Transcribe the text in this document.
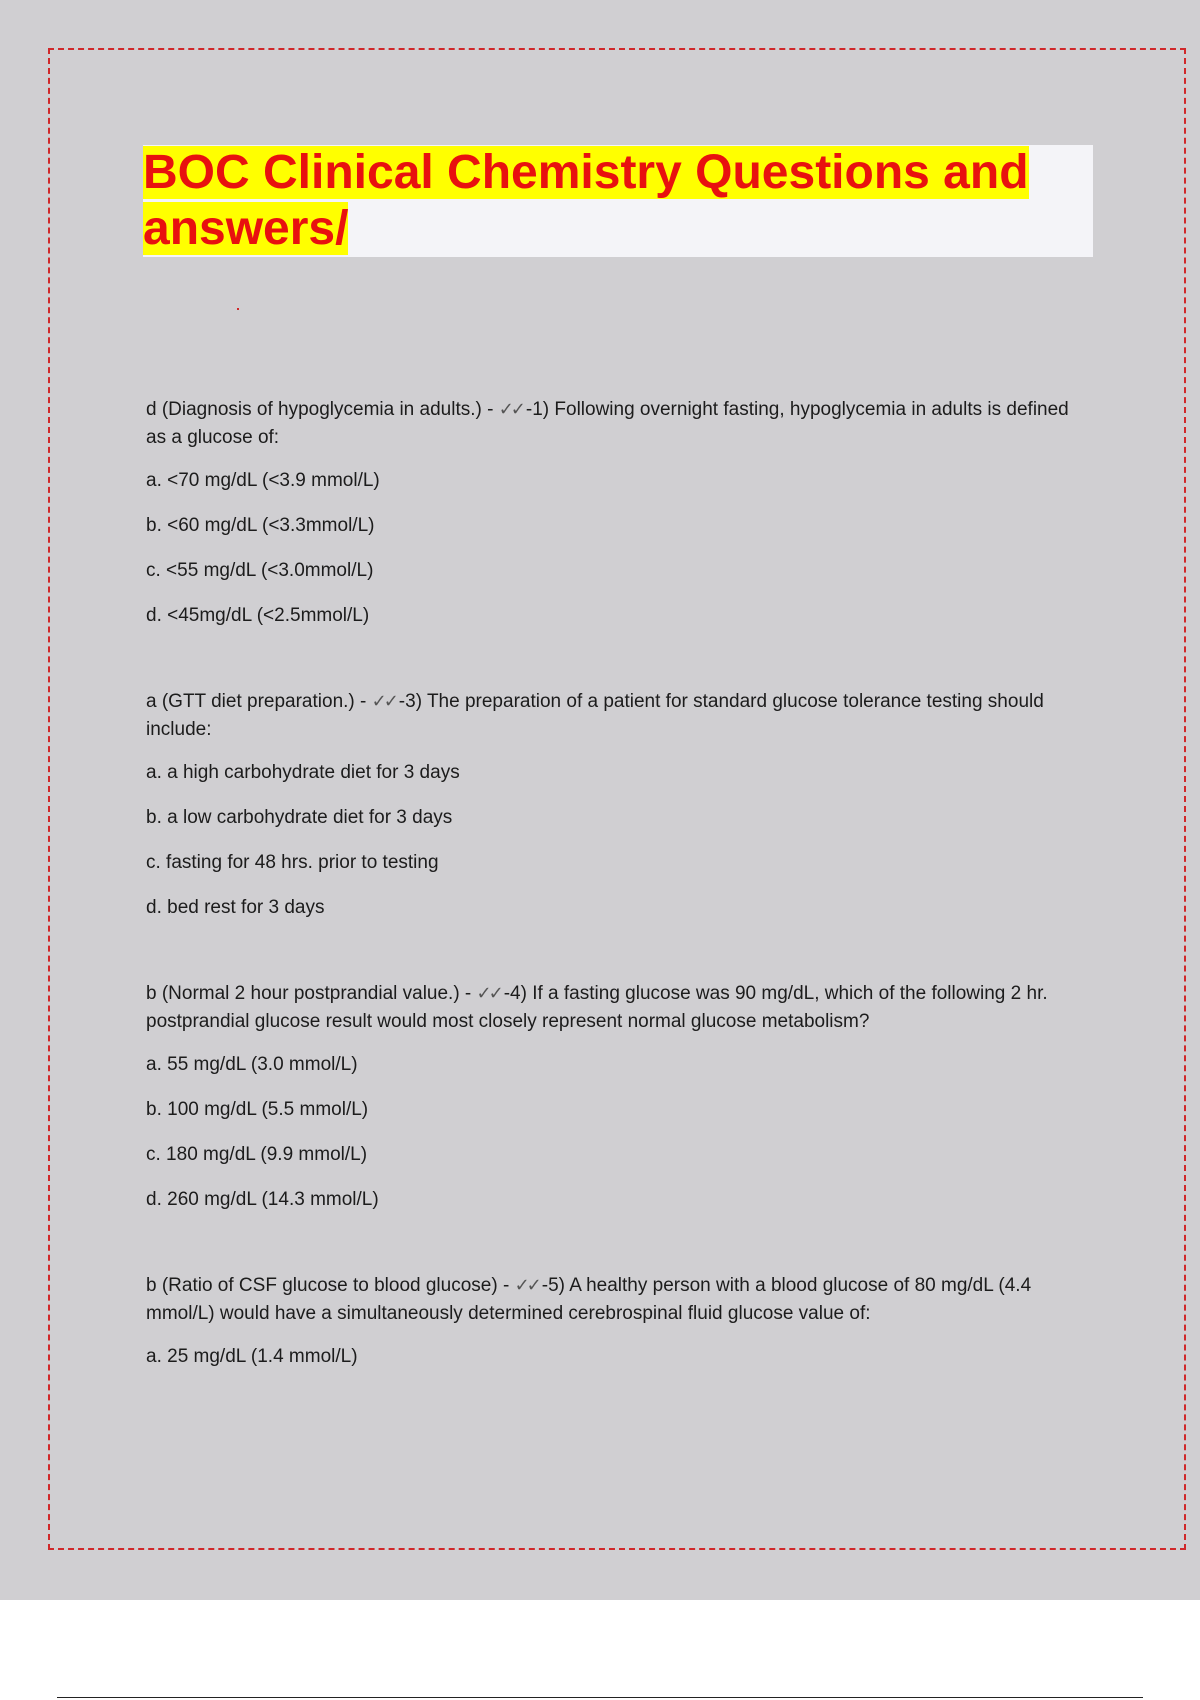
BOC Clinical Chemistry Questions and
answers/

d (Diagnosis of hypoglycemia in adults.) - ✓✓ -1) Following overnight fasting, hypoglycemia in adults is defined as a glucose of:

a. <70 mg/dL (<3.9 mmol/L)

b. <60 mg/dL (<3.3mmol/L)

c. <55 mg/dL (<3.0mmol/L)

d. <45mg/dL (<2.5mmol/L)

a (GTT diet preparation.) - ✓✓ -3) The preparation of a patient for standard glucose tolerance testing should include:

a. a high carbohydrate diet for 3 days

b. a low carbohydrate diet for 3 days

c. fasting for 48 hrs. prior to testing

d. bed rest for 3 days

b (Normal 2 hour postprandial value.) - ✓✓ -4) If a fasting glucose was 90 mg/dL, which of the following 2 hr. postprandial glucose result would most closely represent normal glucose metabolism?

a. 55 mg/dL (3.0 mmol/L)

b. 100 mg/dL (5.5 mmol/L)

c. 180 mg/dL (9.9 mmol/L)

d. 260 mg/dL (14.3 mmol/L)

b (Ratio of CSF glucose to blood glucose) - ✓✓ -5) A healthy person with a blood glucose of 80 mg/dL (4.4 mmol/L) would have a simultaneously determined cerebrospinal fluid glucose value of:

a. 25 mg/dL (1.4 mmol/L)
